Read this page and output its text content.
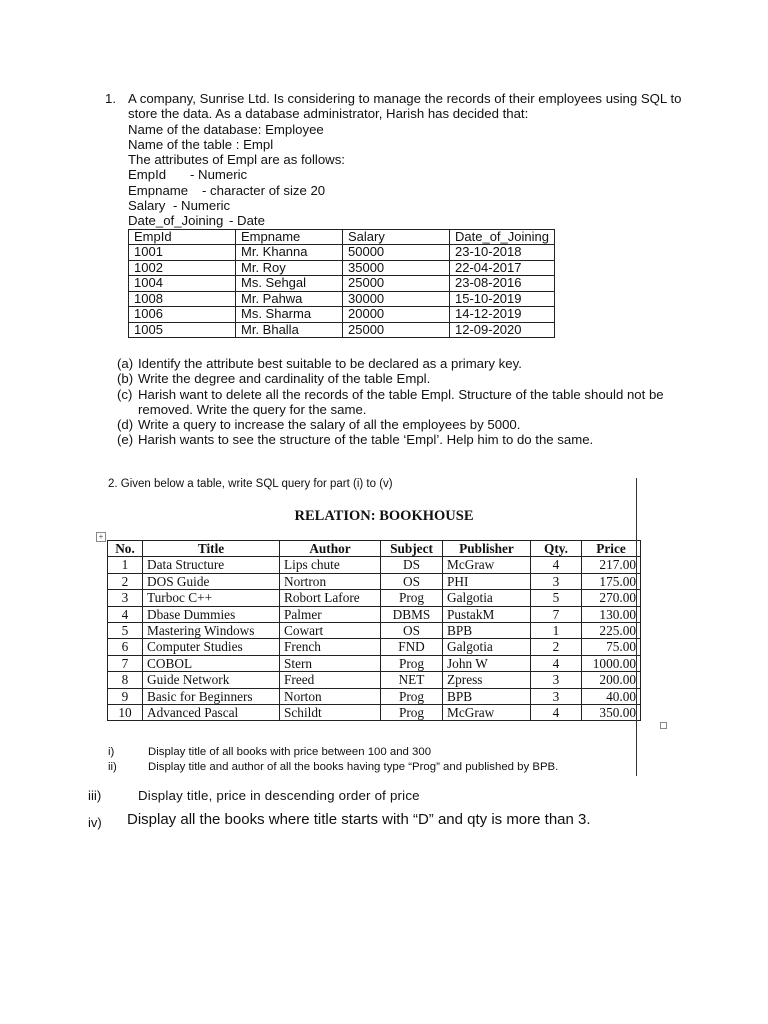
1. A company, Sunrise Ltd. Is considering to manage the records of their employees using SQL to
store the data. As a database administrator, Harish has decided that:
Name of the database: Employee
Name of the table : Empl
The attributes of Empl are as follows:
EmpId - Numeric
Empname - character of size 20
Salary - Numeric
Date_of_Joining - Date
EmpId	Empname	Salary	Date_of_Joining
1001	Mr. Khanna	50000	23-10-2018
1002	Mr. Roy	35000	22-04-2017
1004	Ms. Sehgal	25000	23-08-2016
1008	Mr. Pahwa	30000	15-10-2019
1006	Ms. Sharma	20000	14-12-2019
1005	Mr. Bhalla	25000	12-09-2020
(a) Identify the attribute best suitable to be declared as a primary key.
(b) Write the degree and cardinality of the table Empl.
(c) Harish want to delete all the records of the table Empl. Structure of the table should not be removed. Write the query for the same.
(d) Write a query to increase the salary of all the employees by 5000.
(e) Harish wants to see the structure of the table ‘Empl’. Help him to do the same.
2. Given below a table, write SQL query for part (i) to (v)
RELATION: BOOKHOUSE
+
No.	Title	Author	Subject	Publisher	Qty.	Price
1	Data Structure	Lips chute	DS	McGraw	4	217.00
2	DOS Guide	Nortron	OS	PHI	3	175.00
3	Turboc C++	Robort Lafore	Prog	Galgotia	5	270.00
4	Dbase Dummies	Palmer	DBMS	PustakM	7	130.00
5	Mastering Windows	Cowart	OS	BPB	1	225.00
6	Computer Studies	French	FND	Galgotia	2	75.00
7	COBOL	Stern	Prog	John W	4	1000.00
8	Guide Network	Freed	NET	Zpress	3	200.00
9	Basic for Beginners	Norton	Prog	BPB	3	40.00
10	Advanced Pascal	Schildt	Prog	McGraw	4	350.00
i)	Display title of all books with price between 100 and 300
ii)	Display title and author of all the books having type “Prog” and published by BPB.
iii)	Display title, price in descending order of price
iv)	Display all the books where title starts with “D” and qty is more than 3.
